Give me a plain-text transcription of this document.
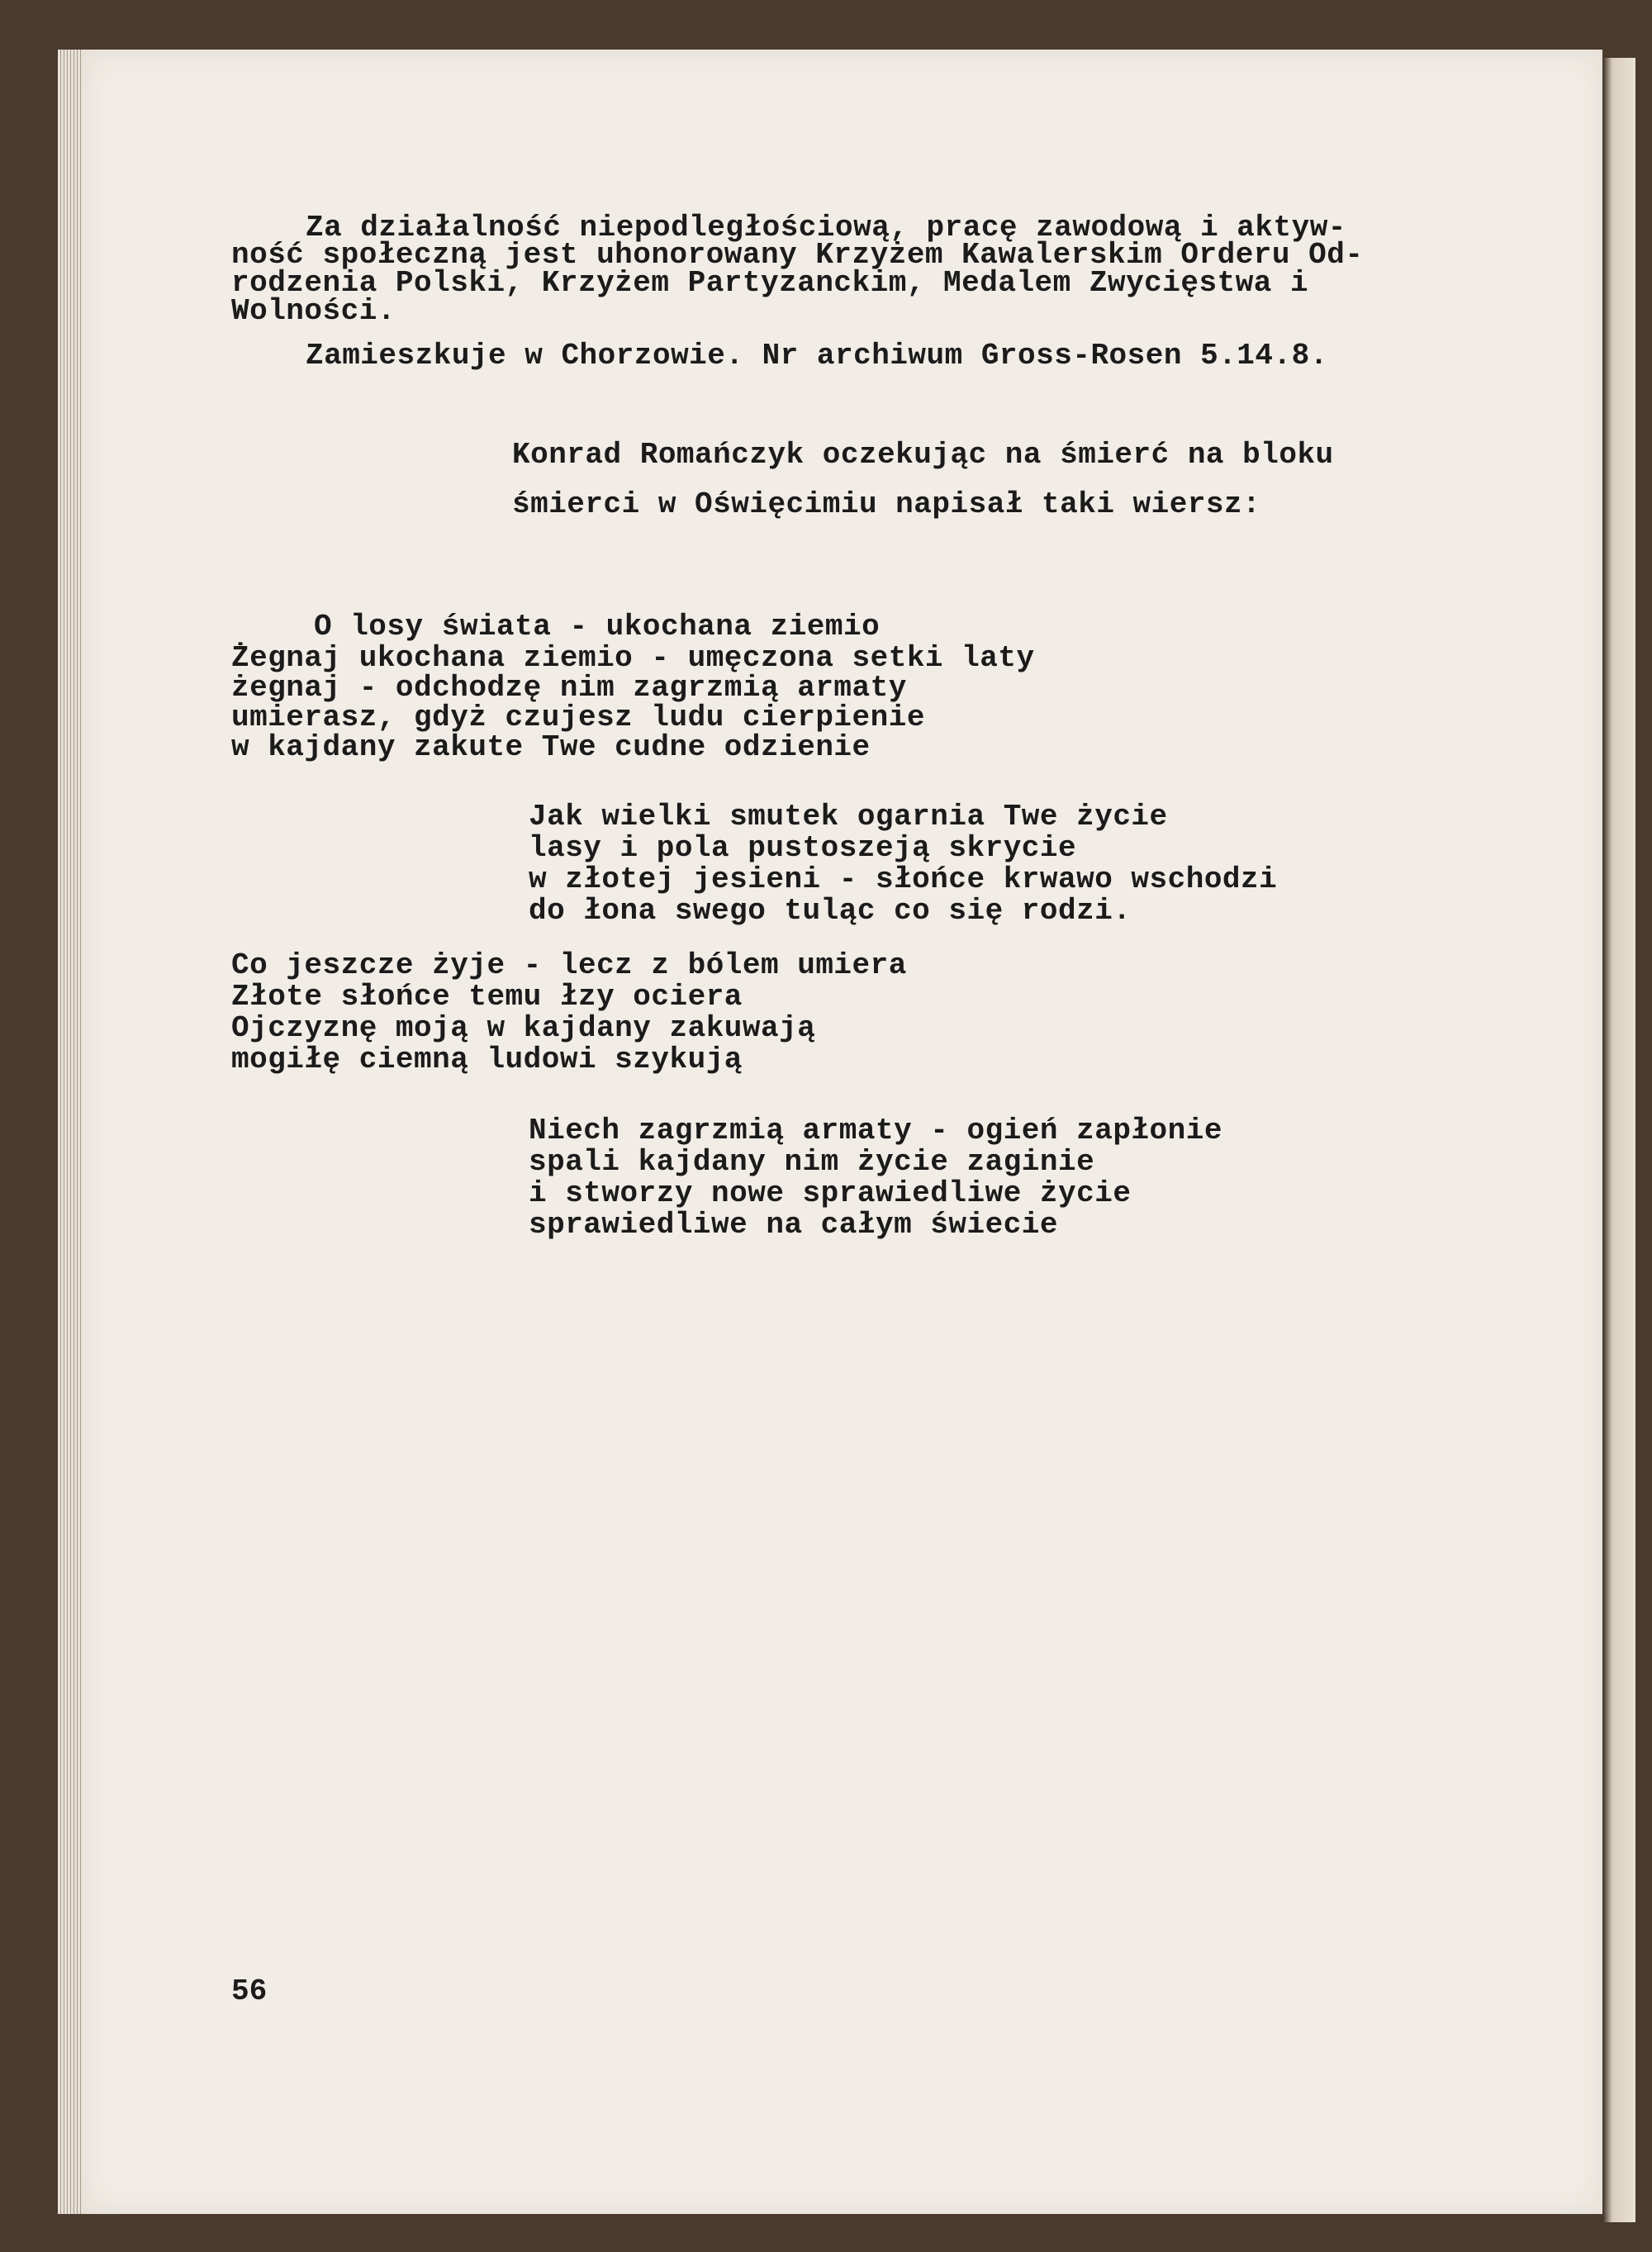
Za działalność niepodległościową, pracę zawodową i aktyw-
ność społeczną jest uhonorowany Krzyżem Kawalerskim Orderu Od-
rodzenia Polski, Krzyżem Partyzanckim, Medalem Zwycięstwa i
Wolności.
Zamieszkuje w Chorzowie. Nr archiwum Gross-Rosen 5.14.8.
Konrad Romańczyk oczekując na śmierć na bloku
śmierci w Oświęcimiu napisał taki wiersz:
O losy świata - ukochana ziemio
Żegnaj ukochana ziemio - umęczona setki laty
żegnaj - odchodzę nim zagrzmią armaty
umierasz, gdyż czujesz ludu cierpienie
w kajdany zakute Twe cudne odzienie
Jak wielki smutek ogarnia Twe życie
lasy i pola pustoszeją skrycie
w złotej jesieni - słońce krwawo wschodzi
do łona swego tuląc co się rodzi.
Co jeszcze żyje - lecz z bólem umiera
Złote słońce temu łzy ociera
Ojczyznę moją w kajdany zakuwają
mogiłę ciemną ludowi szykują
Niech zagrzmią armaty - ogień zapłonie
spali kajdany nim życie zaginie
i stworzy nowe sprawiedliwe życie
sprawiedliwe na całym świecie
56
